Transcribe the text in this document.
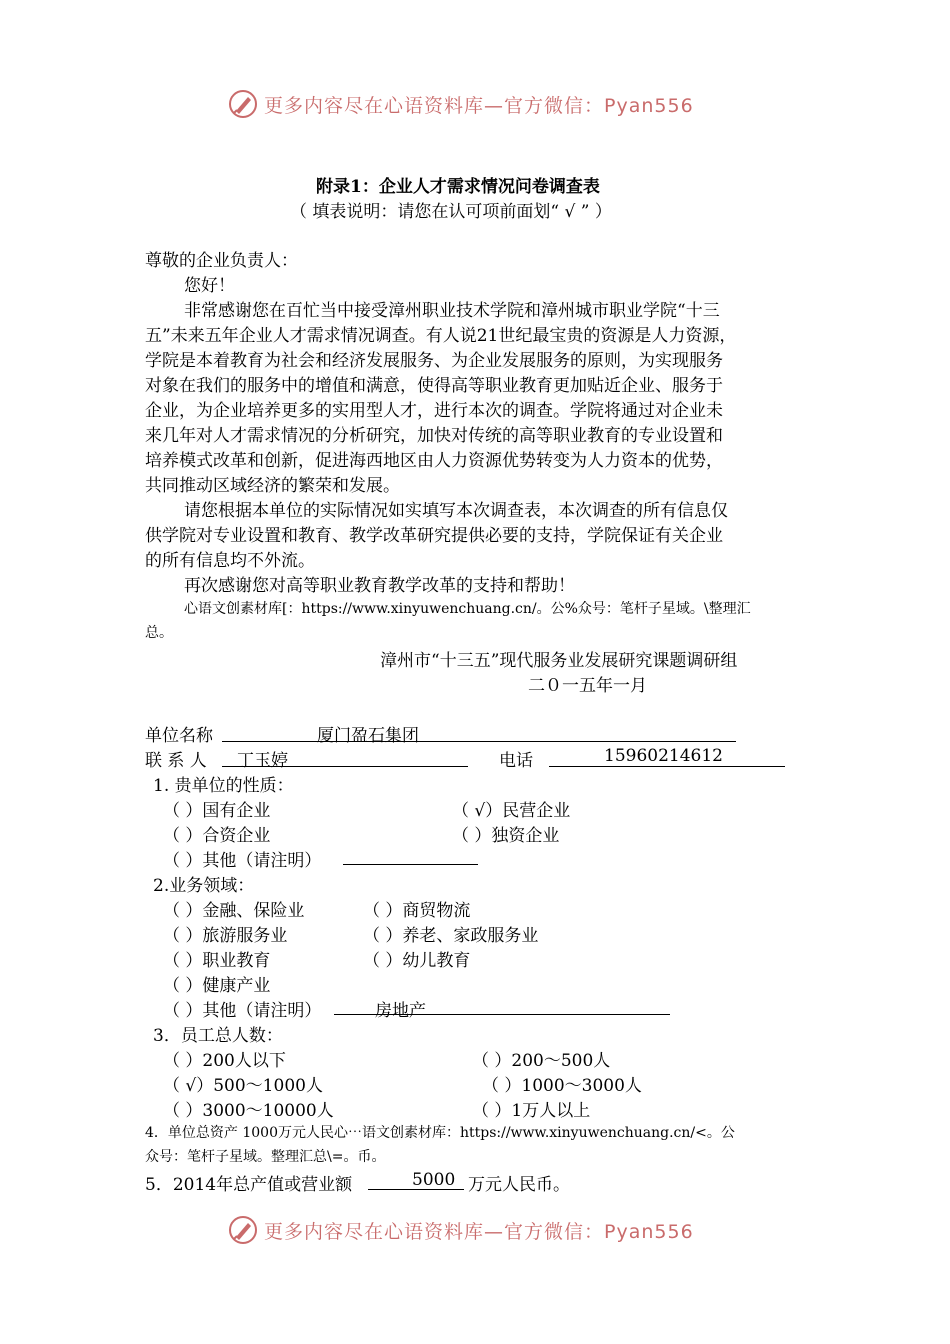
更多内容尽在心语资料库—官方微信：Pyan556
附录1：企业人才需求情况问卷调查表
（ 填表说明：请您在认可项前面划“ √ ” ）
尊敬的企业负责人：
您好！
非常感谢您在百忙当中接受漳州职业技术学院和漳州城市职业学院“十三
五”未来五年企业人才需求情况调查。有人说21世纪最宝贵的资源是人力资源，
学院是本着教育为社会和经济发展服务、为企业发展服务的原则，为实现服务
对象在我们的服务中的增值和满意，使得高等职业教育更加贴近企业、服务于
企业，为企业培养更多的实用型人才，进行本次的调查。学院将通过对企业未
来几年对人才需求情况的分析研究，加快对传统的高等职业教育的专业设置和
培养模式改革和创新，促进海西地区由人力资源优势转变为人力资本的优势，
共同推动区域经济的繁荣和发展。
请您根据本单位的实际情况如实填写本次调查表，本次调查的所有信息仅
供学院对专业设置和教育、教学改革研究提供必要的支持，学院保证有关企业
的所有信息均不外流。
再次感谢您对高等职业教育教学改革的支持和帮助！
心语文创素材库[：https://www.xinyuwenchuang.cn/。公%众号：笔杆子星域。\整理汇
总。
漳州市“十三五”现代服务业发展研究课题调研组
二０一五年一月
单位名称	厦门盈石集团
联 系 人 丁玉婷	电话	15960214612
1. 贵单位的性质：
（ ）国有企业	（ √）民营企业
（ ）合资企业	（ ）独资企业
（ ）其他（请注明）
2.业务领域：
（ ）金融、保险业	（ ）商贸物流
（ ）旅游服务业	（ ）养老、家政服务业
（ ）职业教育	（ ）幼儿教育
（ ）健康产业
（ ）其他（请注明）	房地产
3．员工总人数：
（ ）200人以下	（ ）200～500人
（ √）500～1000人	（ ）1000～3000人
（ ）3000～10000人	（ ）1万人以上
4．单位总资产 1000万元人民心⋯语文创素材库：https://www.xinyuwenchuang.cn/<。公
众号：笔杆子星域。整理汇总\=。币。
5．2014年总产值或营业额	5000 万元人民币。
更多内容尽在心语资料库—官方微信：Pyan556
